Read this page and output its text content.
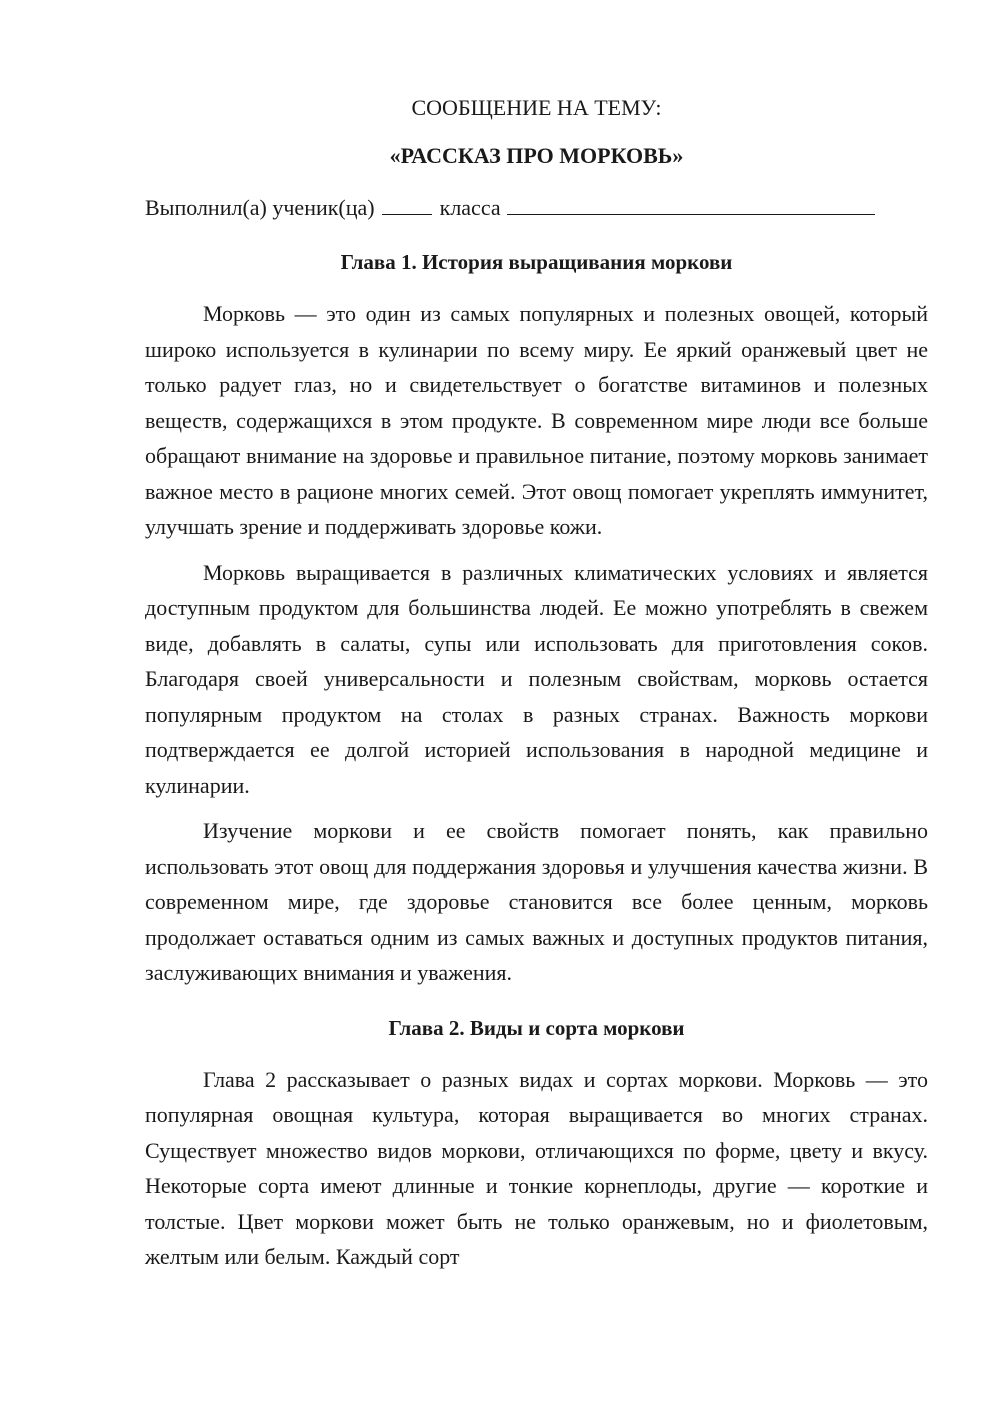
СООБЩЕНИЕ НА ТЕМУ:

«РАССКАЗ ПРО МОРКОВЬ»

Выполнил(а) ученик(ца)	класса

Глава 1. История выращивания моркови

Морковь — это один из самых популярных и полезных овощей, который широко используется в кулинарии по всему миру. Ее яркий оранжевый цвет не только радует глаз, но и свидетельствует о богатстве витаминов и полезных веществ, содержащихся в этом продукте. В современном мире люди все больше обращают внимание на здоровье и правильное питание, поэтому морковь занимает важное место в рационе многих семей. Этот овощ помогает укреплять иммунитет, улучшать зрение и поддерживать здоровье кожи.

Морковь выращивается в различных климатических условиях и является доступным продуктом для большинства людей. Ее можно употреблять в свежем виде, добавлять в салаты, супы или использовать для приготовления соков. Благодаря своей универсальности и полезным свойствам, морковь остается популярным продуктом на столах в разных странах. Важность моркови подтверждается ее долгой историей использования в народной медицине и кулинарии.

Изучение моркови и ее свойств помогает понять, как правильно использовать этот овощ для поддержания здоровья и улучшения качества жизни. В современном мире, где здоровье становится все более ценным, морковь продолжает оставаться одним из самых важных и доступных продуктов питания, заслуживающих внимания и уважения.

Глава 2. Виды и сорта моркови

Глава 2 рассказывает о разных видах и сортах моркови. Морковь — это популярная овощная культура, которая выращивается во многих странах. Существует множество видов моркови, отличающихся по форме, цвету и вкусу. Некоторые сорта имеют длинные и тонкие корнеплоды, другие — короткие и толстые. Цвет моркови может быть не только оранжевым, но и фиолетовым, желтым или белым. Каждый сорт
